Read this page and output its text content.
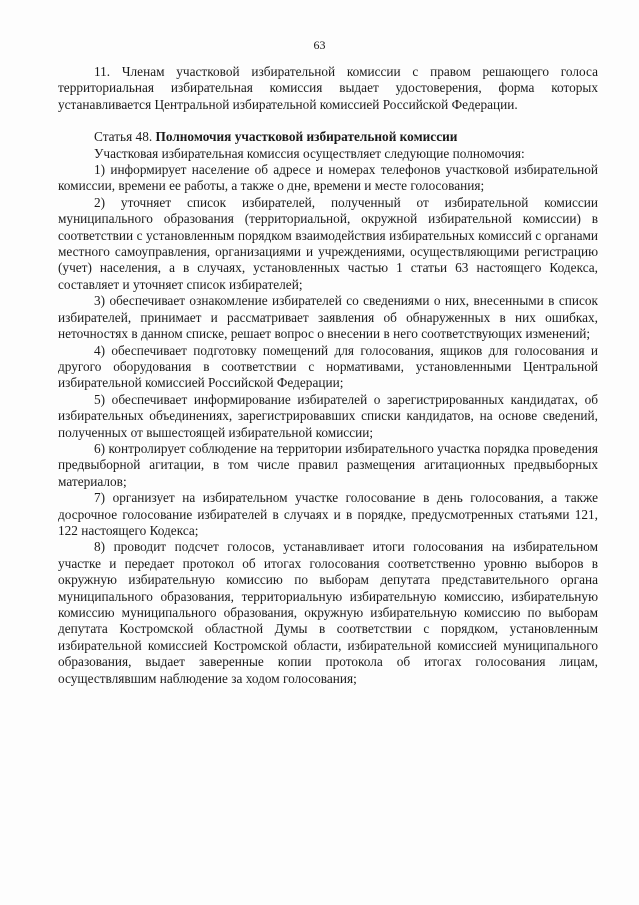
63

11. Членам участковой избирательной комиссии с правом решающего голоса территориальная избирательная комиссия выдает удостоверения, форма которых устанавливается Центральной избирательной комиссией Российской Федерации.

Статья 48. Полномочия участковой избирательной комиссии

Участковая избирательная комиссия осуществляет следующие полномочия:

1) информирует население об адресе и номерах телефонов участковой избирательной комиссии, времени ее работы, а также о дне, времени и месте голосования;

2) уточняет список избирателей, полученный от избирательной комиссии муниципального образования (территориальной, окружной избирательной комиссии) в соответствии с установленным порядком взаимодействия избирательных комиссий с органами местного самоуправления, организациями и учреждениями, осуществляющими регистрацию (учет) населения, а в случаях, установленных частью 1 статьи 63 настоящего Кодекса, составляет и уточняет список избирателей;

3) обеспечивает ознакомление избирателей со сведениями о них, внесенными в список избирателей, принимает и рассматривает заявления об обнаруженных в них ошибках, неточностях в данном списке, решает вопрос о внесении в него соответствующих изменений;

4) обеспечивает подготовку помещений для голосования, ящиков для голосования и другого оборудования в соответствии с нормативами, установленными Центральной избирательной комиссией Российской Федерации;

5) обеспечивает информирование избирателей о зарегистрированных кандидатах, об избирательных объединениях, зарегистрировавших списки кандидатов, на основе сведений, полученных от вышестоящей избирательной комиссии;

6) контролирует соблюдение на территории избирательного участка порядка проведения предвыборной агитации, в том числе правил размещения агитационных предвыборных материалов;

7) организует на избирательном участке голосование в день голосования, а также досрочное голосование избирателей в случаях и в порядке, предусмотренных статьями 121, 122 настоящего Кодекса;

8) проводит подсчет голосов, устанавливает итоги голосования на избирательном участке и передает протокол об итогах голосования соответственно уровню выборов в окружную избирательную комиссию по выборам депутата представительного органа муниципального образования, территориальную избирательную комиссию, избирательную комиссию муниципального образования, окружную избирательную комиссию по выборам депутата Костромской областной Думы в соответствии с порядком, установленным избирательной комиссией Костромской области, избирательной комиссией муниципального образования, выдает заверенные копии протокола об итогах голосования лицам, осуществлявшим наблюдение за ходом голосования;
